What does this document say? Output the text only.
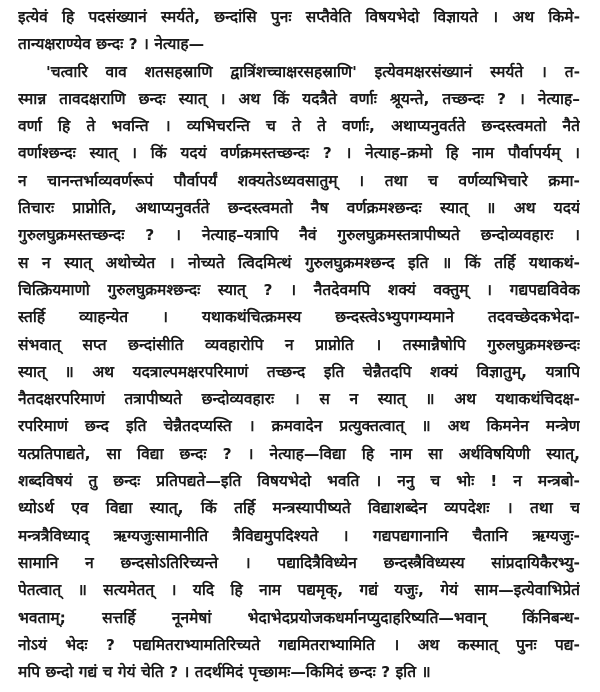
इत्येवं हि पदसंख्यानं स्मर्यते, छन्दांसि पुनः सप्तैवेति विषयभेदो विज्ञायते । अथ किमे-
तान्यक्षराण्येव छन्दः ? । नेत्याह—
'चत्वारि वाव शतसहस्राणि द्वात्रिंशच्चाक्षरसहस्राणि' इत्येवमक्षरसंख्यानं स्मर्यते । त-
स्मान्न तावदक्षराणि छन्दः स्यात् । अथ किं यदत्रैते वर्णाः श्रूयन्ते, तच्छन्दः ? । नेत्याह–
वर्णा हि ते भवन्ति । व्यभिचरन्ति च ते ते वर्णाः, अथाप्यनुवर्तते छन्दस्त्वमतो नैते
वर्णाश्छन्दः स्यात् । किं यदयं वर्णक्रमस्तच्छन्दः ? । नेत्याह–क्रमो हि नाम पौर्वापर्यम् ।
न चानन्तर्भाव्यवर्णरूपं पौर्वापर्यं शक्यतेऽध्यवसातुम् । तथा च वर्णव्यभिचारे क्रमा-
तिचारः प्राप्नोति, अथाप्यनुवर्तते छन्दस्त्वमतो नैष वर्णक्रमश्छन्दः स्यात् ॥ अथ यदयं
गुरुलघुक्रमस्तच्छन्दः ? । नेत्याह–यत्रापि नैवं गुरुलघुक्रमस्तत्रापीष्यते छन्दोव्यवहारः ।
स न स्यात् अथोच्येत । नोच्यते त्विदमित्थं गुरुलघुक्रमश्छन्द इति ॥ किं तर्हि यथाकथं-
चित्क्रियमाणो गुरुलघुक्रमश्छन्दः स्यात् ? । नैतदेवमपि शक्यं वक्तुम् । गद्यपद्यविवेक
स्तर्हि व्याहन्येत । यथाकथंचित्क्रमस्य छन्दस्त्वेऽभ्युपगम्यमाने तदवच्छेदकभेदा-
संभवात् सप्त छन्दांसीति व्यवहारोपि न प्राप्नोति । तस्मान्नैषोपि गुरुलघुक्रमश्छन्दः
स्यात् ॥ अथ यदत्राल्पमक्षरपरिमाणं तच्छन्द इति चेन्नैतदपि शक्यं विज्ञातुम्, यत्रापि
नैतदक्षरपरिमाणं तत्रापीष्यते छन्दोव्यवहारः । स न स्यात् ॥ अथ यथाकथंचिदक्ष-
रपरिमाणं छन्द इति चेन्नैतदप्यस्ति । क्रमवादेन प्रत्युक्तत्वात् ॥ अथ किमनेन मन्त्रेण
यत्प्रतिपाद्यते, सा विद्या छन्दः ? । नेत्याह—विद्या हि नाम सा अर्थविषयिणी स्यात्,
शब्दविषयं तु छन्दः प्रतिपद्यते—इति विषयभेदो भवति । ननु च भोः ! न मन्त्रबो-
ध्योऽर्थ एव विद्या स्यात्, किं तर्हि मन्त्रस्यापीष्यते विद्याशब्देन व्यपदेशः । तथा च
मन्त्रत्रैविध्याद् ऋग्यजुःसामानीति त्रैविद्यमुपदिश्यते । गद्यपद्यगानानि चैतानि ऋग्यजुः-
सामानि न छन्दसोऽतिरिच्यन्ते । पद्यादित्रैविध्येन छन्दस्त्रैविध्यस्य सांप्रदायिकैरभ्यु-
पेतत्वात् ॥ सत्यमेतत् । यदि हि नाम पद्यमृक्, गद्यं यजुः, गेयं साम—इत्येवाभिप्रेतं
भवताम्; सत्तर्हि नूनमेषां भेदाभेदप्रयोजकधर्मानप्युदाहरिष्यति—भवान् किंनिबन्ध-
नोऽयं भेदः ? पद्यमितराभ्यामतिरिच्यते गद्यमितराभ्यामिति । अथ कस्मात् पुनः पद्य-
मपि छन्दो गद्यं च गेयं चेति ? । तदर्थमिदं पृच्छामः—किमिदं छन्दः ? इति ॥
